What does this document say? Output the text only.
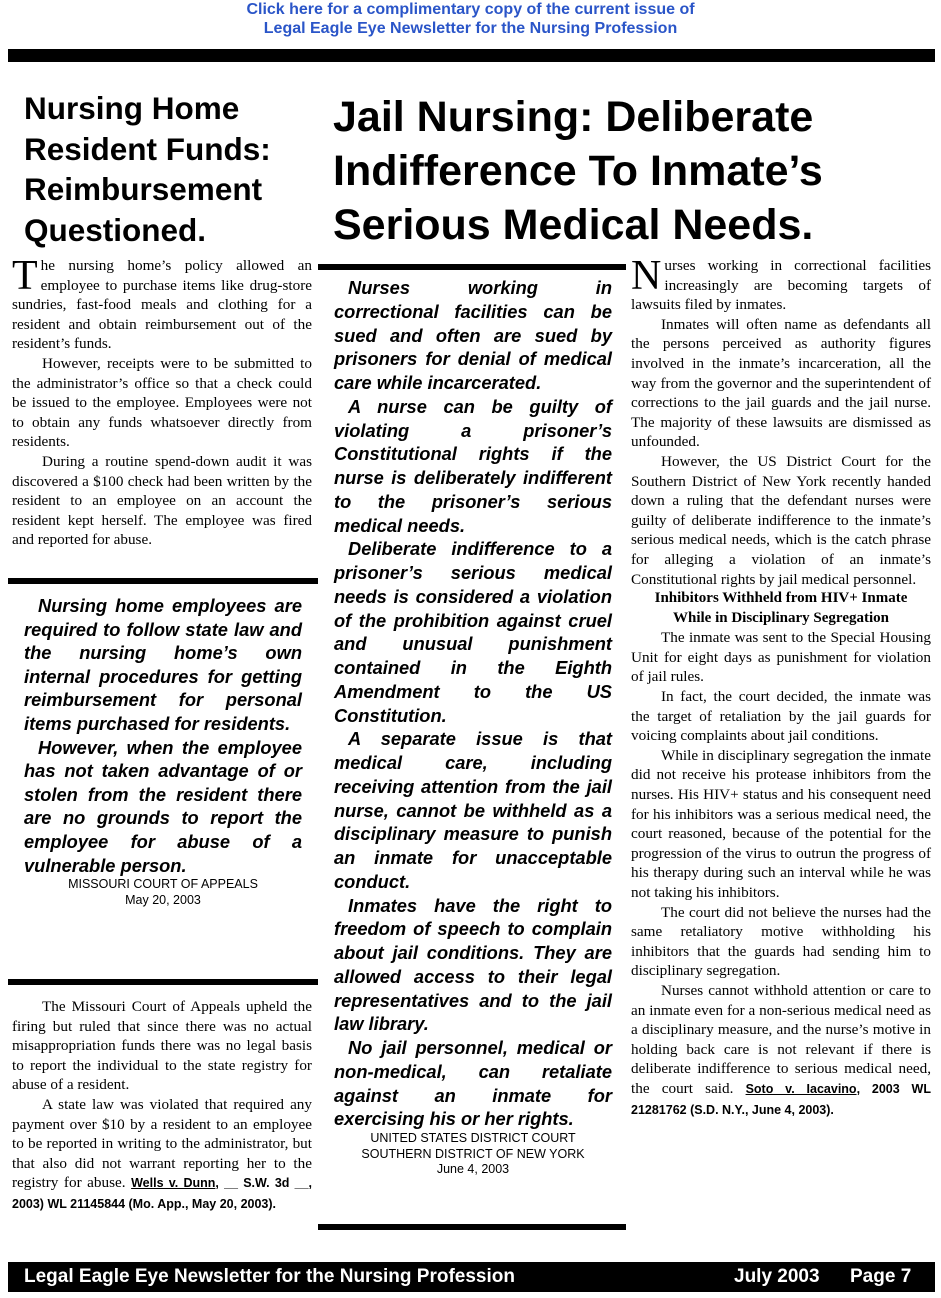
Click here for a complimentary copy of the current issue of
Legal Eagle Eye Newsletter for the Nursing Profession
Nursing Home
Resident Funds:
Reimbursement
Questioned.
Jail Nursing: Deliberate
Indifference To Inmate’s
Serious Medical Needs.

The nursing home’s policy allowed an employee to purchase items like drug-store sundries, fast-food meals and clothing for a resident and obtain reimbursement out of the resident’s funds.

However, receipts were to be submitted to the administrator’s office so that a check could be issued to the employee. Employees were not to obtain any funds whatsoever directly from residents.

During a routine spend-down audit it was discovered a $100 check had been written by the resident to an employee on an account the resident kept herself. The employee was fired and reported for abuse.

Nursing home employees are required to follow state law and the nursing home’s own internal procedures for getting reimbursement for personal items purchased for residents.

However, when the employee has not taken advantage of or stolen from the resident there are no grounds to report the employee for abuse of a vulnerable person.

MISSOURI COURT OF APPEALS
May 20, 2003

The Missouri Court of Appeals upheld the firing but ruled that since there was no actual misappropriation funds there was no legal basis to report the individual to the state registry for abuse of a resident.

A state law was violated that required any payment over $10 by a resident to an employee to be reported in writing to the administrator, but that also did not warrant reporting her to the registry for abuse. Wells v. Dunn, __ S.W. 3d __, 2003) WL 21145844 (Mo. App., May 20, 2003).

Nurses working in correctional facilities can be sued and often are sued by prisoners for denial of medical care while incarcerated.

A nurse can be guilty of violating a prisoner’s Constitutional rights if the nurse is deliberately indifferent to the prisoner’s serious medical needs.

Deliberate indifference to a prisoner’s serious medical needs is considered a violation of the prohibition against cruel and unusual punishment contained in the Eighth Amendment to the US Constitution.

A separate issue is that medical care, including receiving attention from the jail nurse, cannot be withheld as a disciplinary measure to punish an inmate for unacceptable conduct.

Inmates have the right to freedom of speech to complain about jail conditions. They are allowed access to their legal representatives and to the jail law library.

No jail personnel, medical or non-medical, can retaliate against an inmate for exercising his or her rights.

UNITED STATES DISTRICT COURT
SOUTHERN DISTRICT OF NEW YORK
June 4, 2003

Nurses working in correctional facilities increasingly are becoming targets of lawsuits filed by inmates.

Inmates will often name as defendants all the persons perceived as authority figures involved in the inmate’s incarceration, all the way from the governor and the superintendent of corrections to the jail guards and the jail nurse. The majority of these lawsuits are dismissed as unfounded.

However, the US District Court for the Southern District of New York recently handed down a ruling that the defendant nurses were guilty of deliberate indifference to the inmate’s serious medical needs, which is the catch phrase for alleging a violation of an inmate’s Constitutional rights by jail medical personnel.

Inhibitors Withheld from HIV+ Inmate
While in Disciplinary Segregation

The inmate was sent to the Special Housing Unit for eight days as punishment for violation of jail rules.

In fact, the court decided, the inmate was the target of retaliation by the jail guards for voicing complaints about jail conditions.

While in disciplinary segregation the inmate did not receive his protease inhibitors from the nurses. His HIV+ status and his consequent need for his inhibitors was a serious medical need, the court reasoned, because of the potential for the progression of the virus to outrun the progress of his therapy during such an interval while he was not taking his inhibitors.

The court did not believe the nurses had the same retaliatory motive withholding his inhibitors that the guards had sending him to disciplinary segregation.

Nurses cannot withhold attention or care to an inmate even for a non-serious medical need as a disciplinary measure, and the nurse’s motive in holding back care is not relevant if there is deliberate indifference to serious medical need, the court said. Soto v. Iacavino, 2003 WL 21281762 (S.D. N.Y., June 4, 2003).

Legal Eagle Eye Newsletter for the Nursing Profession	July 2003 Page 7
